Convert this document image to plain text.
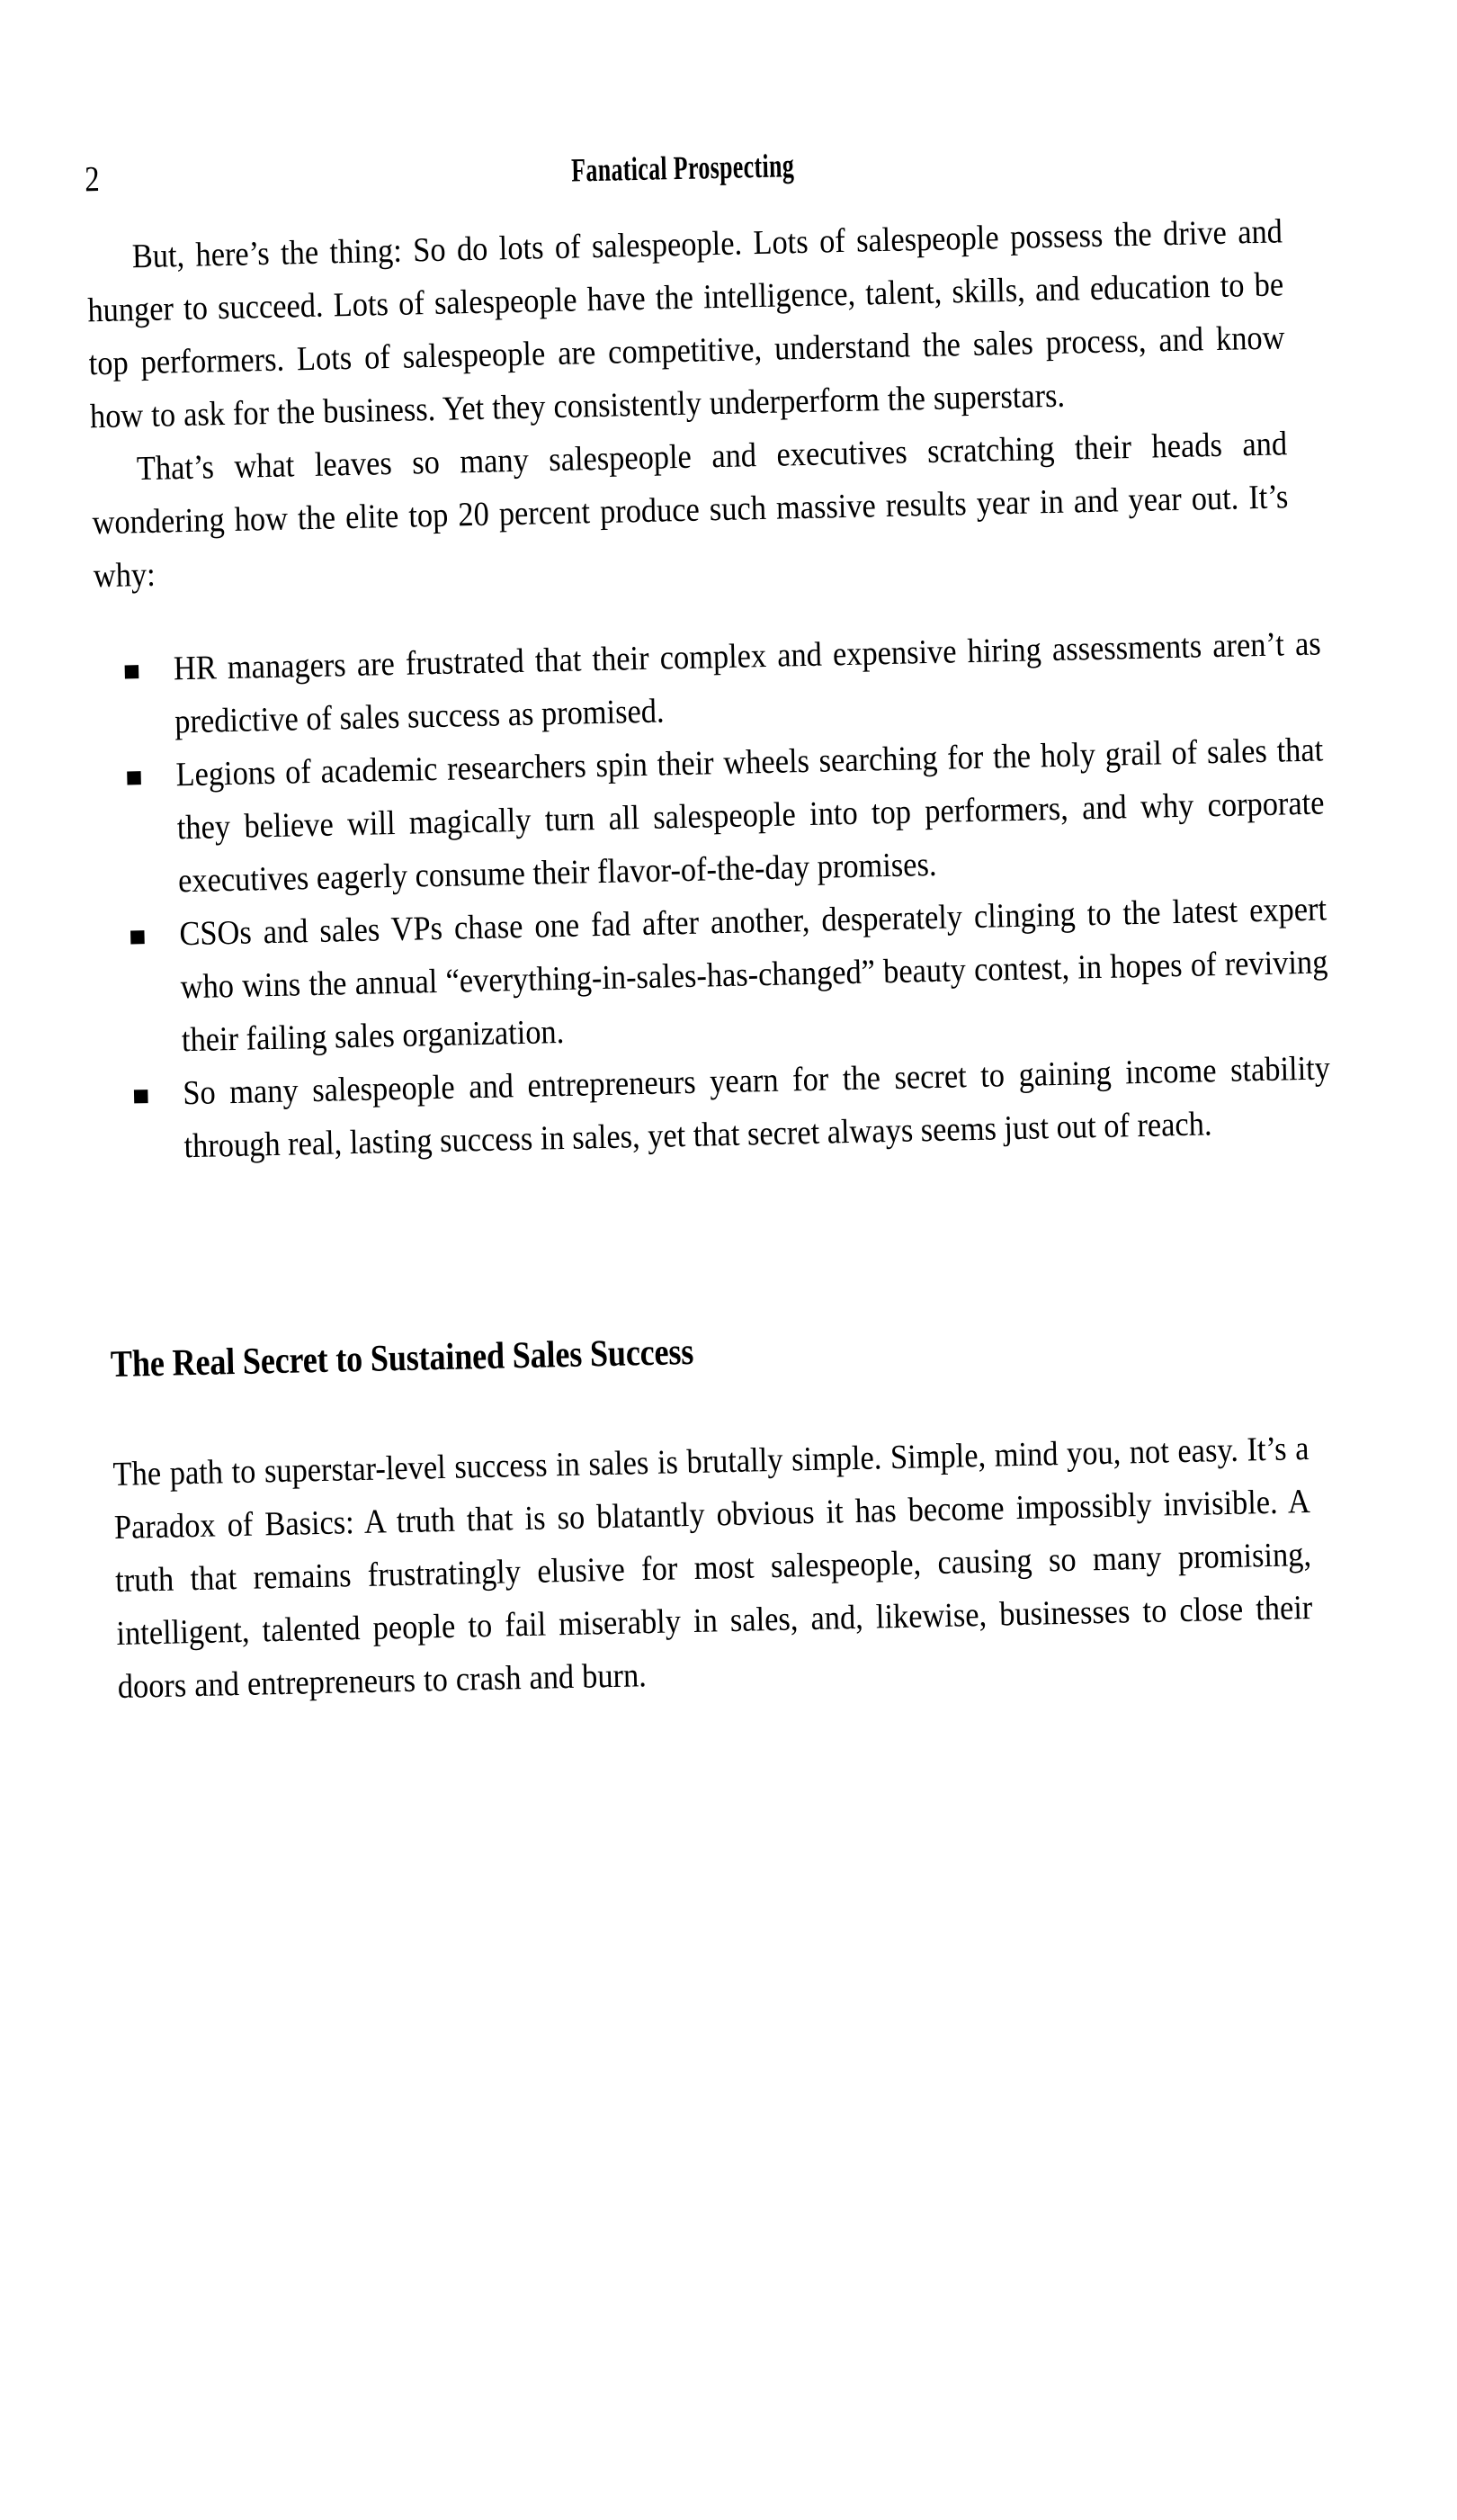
2	Fanatical Prospecting

But, here’s the thing: So do lots of salespeople. Lots of salespeople possess the drive and hunger to succeed. Lots of salespeople have the intelligence, talent, skills, and education to be top performers. Lots of salespeople are competitive, understand the sales process, and know how to ask for the business. Yet they consistently underperform the superstars.

That’s what leaves so many salespeople and executives scratching their heads and wondering how the elite top 20 percent produce such massive results year in and year out. It’s why:

HR managers are frustrated that their complex and expensive hiring assessments aren’t as predictive of sales success as promised.
Legions of academic researchers spin their wheels searching for the holy grail of sales that they believe will magically turn all salespeople into top performers, and why corporate executives eagerly consume their flavor-of-the-day promises.
CSOs and sales VPs chase one fad after another, desperately clinging to the latest expert who wins the annual “everything-in-sales-has-changed” beauty contest, in hopes of reviving their failing sales organization.
So many salespeople and entrepreneurs yearn for the secret to gaining income stability through real, lasting success in sales, yet that secret always seems just out of reach.
The Real Secret to Sustained Sales Success

The path to superstar-level success in sales is brutally simple. Simple, mind you, not easy. It’s a Paradox of Basics: A truth that is so blatantly obvious it has become impossibly invisible. A truth that remains frustratingly elusive for most salespeople, causing so many promising, intelligent, talented people to fail miserably in sales, and, likewise, businesses to close their doors and entrepreneurs to crash and burn.
